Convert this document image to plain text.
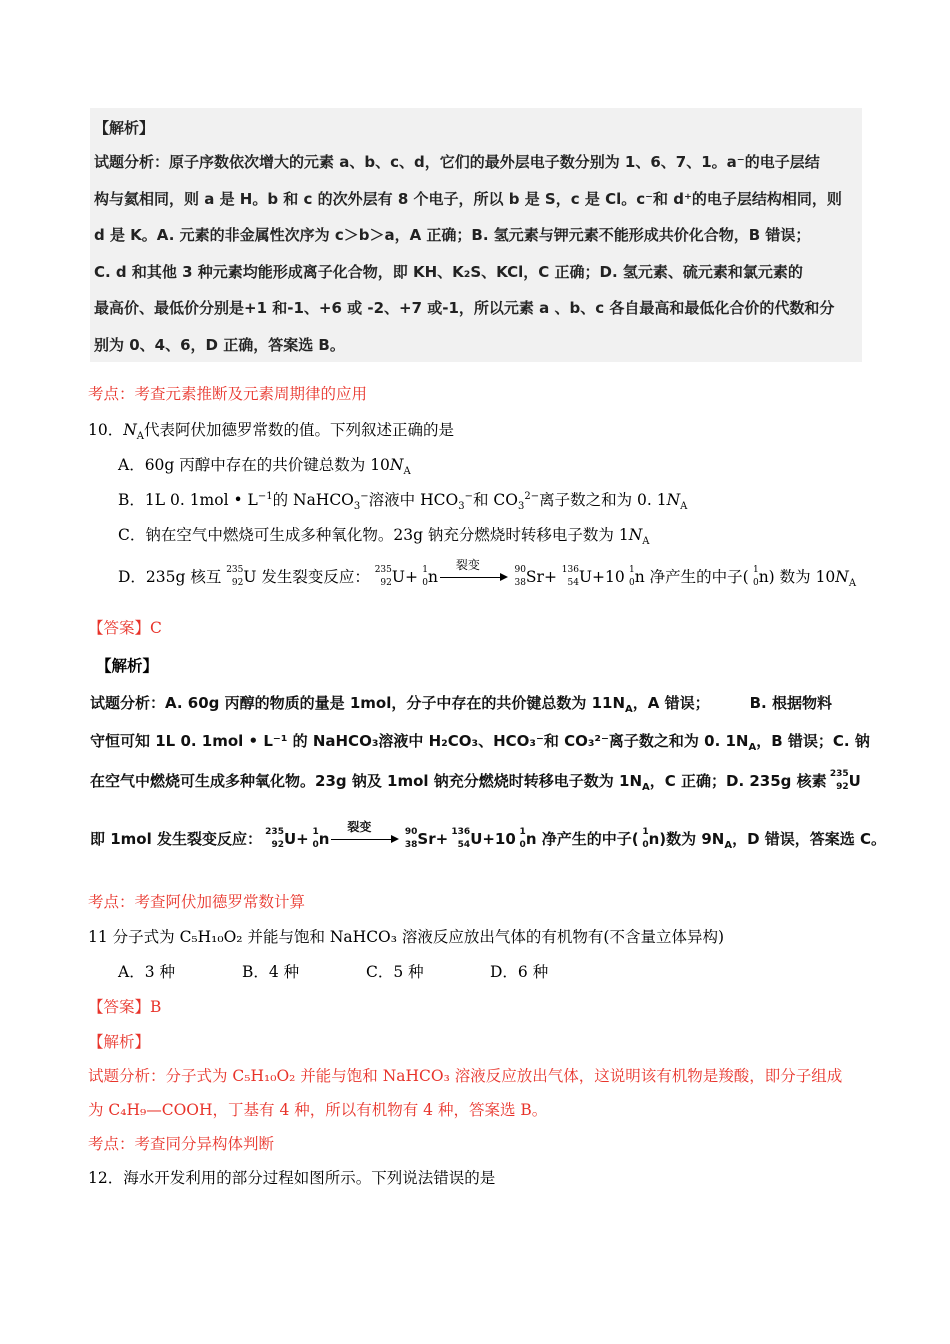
【解析】
试题分析：原子序数依次增大的元素 a、b、c、d，它们的最外层电子数分别为 1、6、7、1。a⁻的电子层结
构与氦相同，则 a 是 H。b 和 c 的次外层有 8 个电子，所以 b 是 S，c 是 Cl。c⁻和 d⁺的电子层结构相同，则
d 是 K。A. 元素的非金属性次序为 c＞b＞a，A 正确；B. 氢元素与钾元素不能形成共价化合物，B 错误；
C. d 和其他 3 种元素均能形成离子化合物，即 KH、K₂S、KCl，C 正确；D. 氢元素、硫元素和氯元素的
最高价、最低价分别是+1 和-1、+6 或 -2、+7 或-1，所以元素 a 、b、c 各自最高和最低化合价的代数和分
别为 0、4、6，D 正确，答案选 B。
考点：考查元素推断及元素周期律的应用
10．$N_A$代表阿伏加德罗常数的值。下列叙述正确的是
A．60g 丙醇中存在的共价键总数为 $10N_A$
B．1L 0. 1mol • $L^{-1}$的 NaHCO$_3$−溶液中 $HCO_3^-$和 $CO_3^{2-}$离子数之和为 0. $1N_A$
C．钠在空气中燃烧可生成多种氧化物。23g 钠充分燃烧时转移电子数为 $1N_A$
D．235g 核互 235
92 U 发生裂变反应： 235
92 U+ 1
0 n
裂变	90
38 Sr+ 136
54 U+10 1
0 n 净产生的中子( 1
0 n) 数为 $10N_A$
【答案】C
【解析】
试题分析：A. 60g 丙醇的物质的量是 1mol，分子中存在的共价键总数为 $11N_A$，A 错误；	B. 根据物料
守恒可知 1L 0. 1mol • L⁻¹ 的 NaHCO₃溶液中 H₂CO₃、HCO₃⁻和 CO₃²⁻离子数之和为 0. $1N_A$，B 错误；C. 钠
在空气中燃烧可生成多种氧化物。23g 钠及 1mol 钠充分燃烧时转移电子数为 $1N_A$，C 正确；D. 235g 核素 235
92 U
即 1mol 发生裂变反应： 235
92 U+ 1
0 n
裂变	90
38 Sr+ 136
54 U+10 1
0 n 净产生的中子( 1
0 n)数为 $9N_A$，D 错误，答案选 C。
考点：考查阿伏加德罗常数计算
11 分子式为 C₅H₁₀O₂ 并能与饱和 NaHCO₃ 溶液反应放出气体的有机物有(不含量立体异构)
A．3 种	B．4 种	C．5 种	D．6 种
【答案】B
【解析】
试题分析：分子式为 C₅H₁₀O₂ 并能与饱和 NaHCO₃ 溶液反应放出气体，这说明该有机物是羧酸，即分子组成
为 C₄H₉—COOH，丁基有 4 种，所以有机物有 4 种，答案选 B。
考点：考查同分异构体判断
12．海水开发利用的部分过程如图所示。下列说法错误的是
